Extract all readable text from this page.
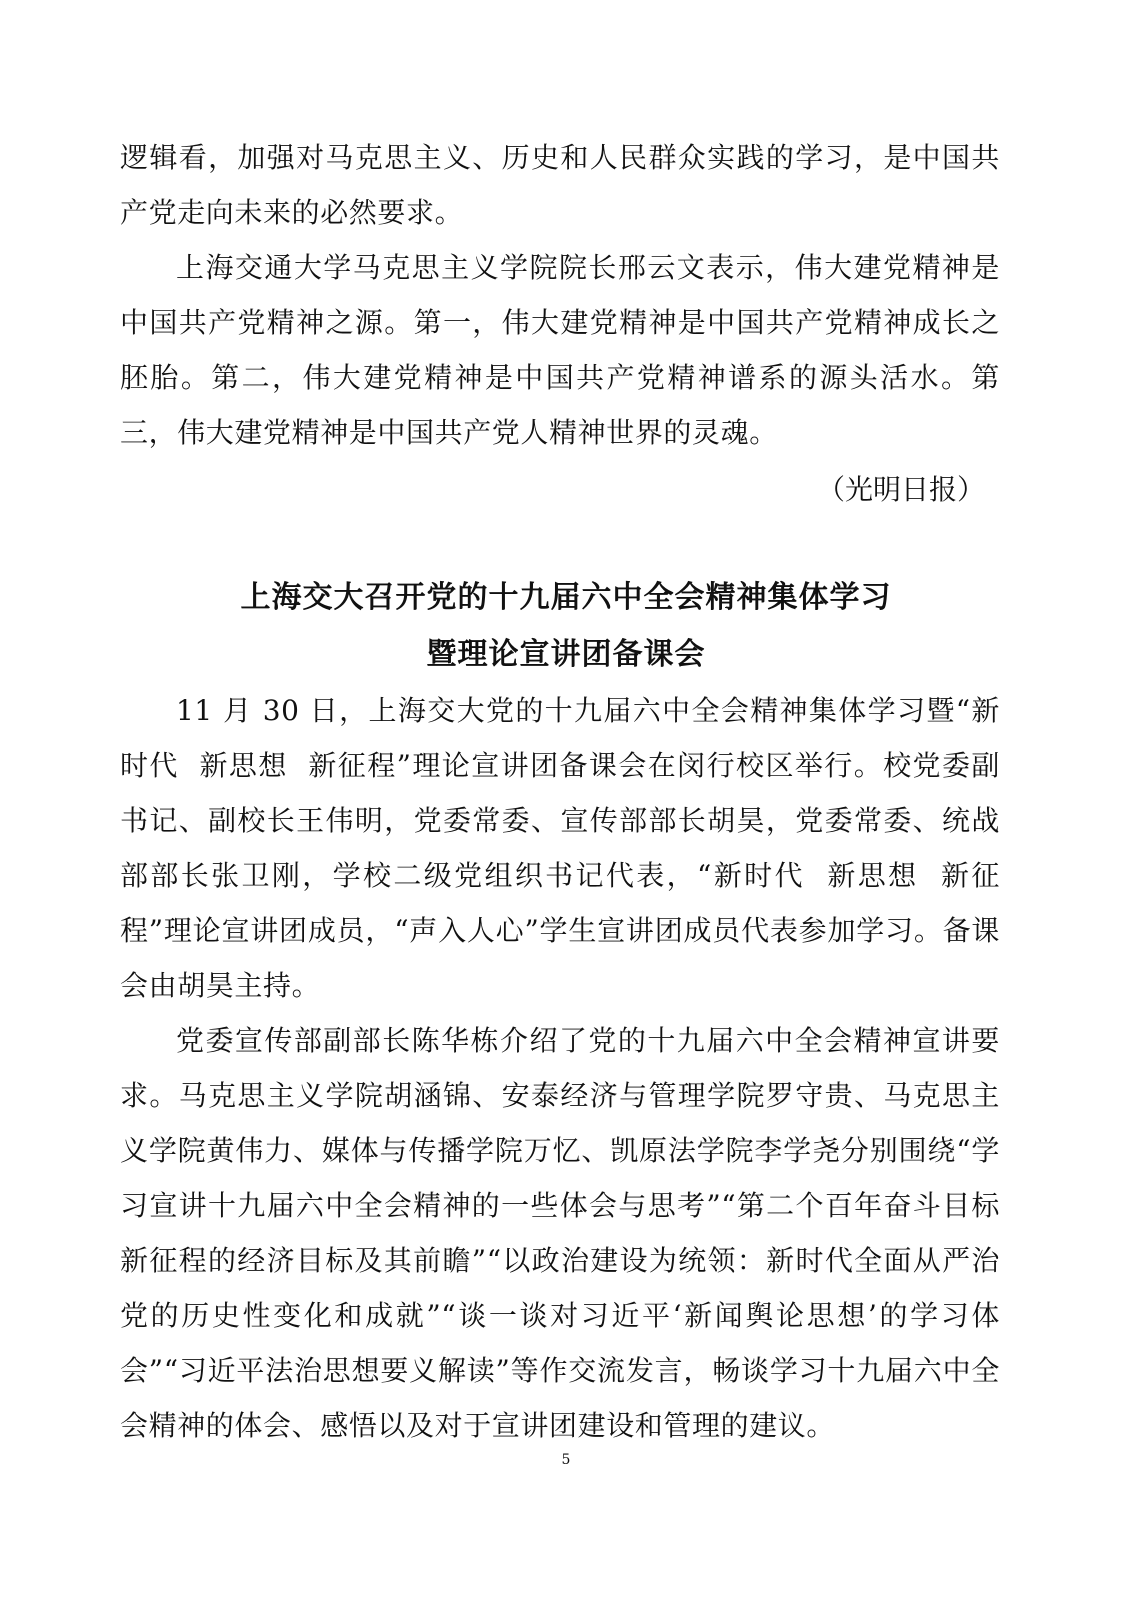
逻辑看，加强对马克思主义、历史和人民群众实践的学习，是中国共产党走向未来的必然要求。

上海交通大学马克思主义学院院长邢云文表示，伟大建党精神是中国共产党精神之源。第一，伟大建党精神是中国共产党精神成长之胚胎。第二，伟大建党精神是中国共产党精神谱系的源头活水。第三，伟大建党精神是中国共产党人精神世界的灵魂。

（光明日报）
上海交大召开党的十九届六中全会精神集体学习
暨理论宣讲团备课会

11 月 30 日，上海交大党的十九届六中全会精神集体学习暨“新时代  新思想  新征程”理论宣讲团备课会在闵行校区举行。校党委副书记、副校长王伟明，党委常委、宣传部部长胡昊，党委常委、统战部部长张卫刚，学校二级党组织书记代表，“新时代  新思想  新征程”理论宣讲团成员，“声入人心”学生宣讲团成员代表参加学习。备课会由胡昊主持。

党委宣传部副部长陈华栋介绍了党的十九届六中全会精神宣讲要求。马克思主义学院胡涵锦、安泰经济与管理学院罗守贵、马克思主义学院黄伟力、媒体与传播学院万忆、凯原法学院李学尧分别围绕“学习宣讲十九届六中全会精神的一些体会与思考”“第二个百年奋斗目标新征程的经济目标及其前瞻”“以政治建设为统领：新时代全面从严治党的历史性变化和成就”“谈一谈对习近平‘新闻舆论思想’的学习体会”“习近平法治思想要义解读”等作交流发言，畅谈学习十九届六中全会精神的体会、感悟以及对于宣讲团建设和管理的建议。

5
